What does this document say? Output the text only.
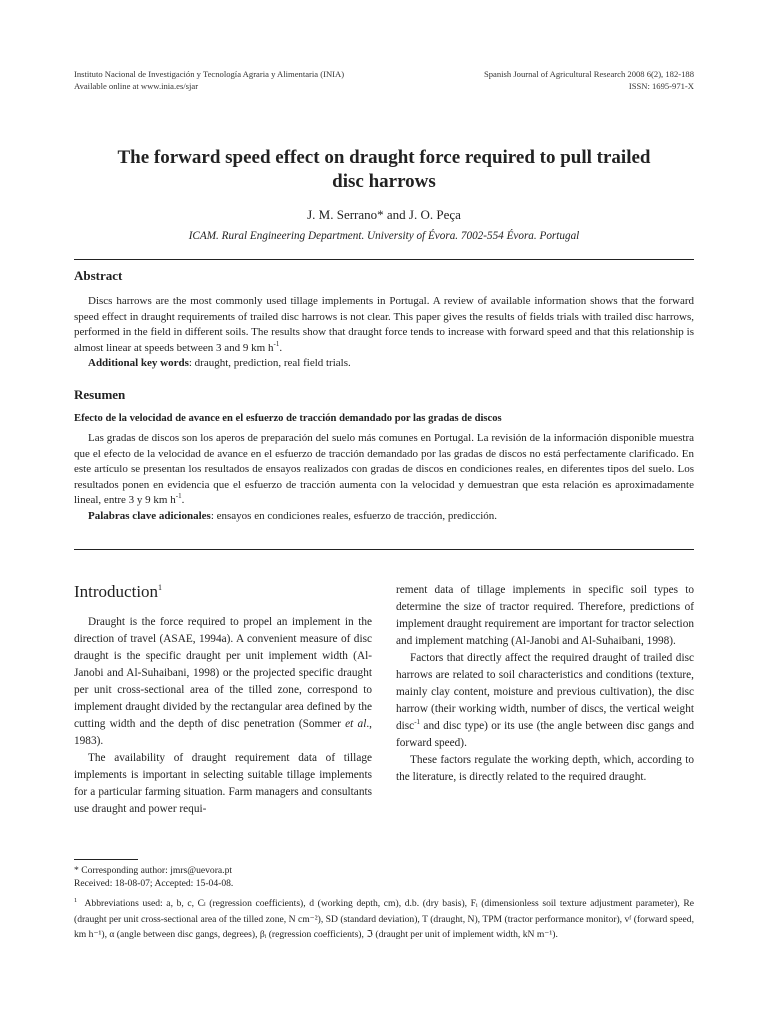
Instituto Nacional de Investigación y Tecnología Agraria y Alimentaria (INIA)
Available online at www.inia.es/sjar
Spanish Journal of Agricultural Research 2008 6(2), 182-188
ISSN: 1695-971-X
The forward speed effect on draught force required to pull trailed
disc harrows
J. M. Serrano* and J. O. Peça
ICAM. Rural Engineering Department. University of Évora. 7002-554 Évora. Portugal
Abstract
Discs harrows are the most commonly used tillage implements in Portugal. A review of available information shows that the forward speed effect in draught requirements of trailed disc harrows is not clear. This paper gives the results of fields trials with trailed disc harrows, performed in the field in different soils. The results show that draught force tends to increase with forward speed and that this relationship is almost linear at speeds between 3 and 9 km $h^{-1}$.
Additional key words: draught, prediction, real field trials.
Resumen
Efecto de la velocidad de avance en el esfuerzo de tracción demandado por las gradas de discos
Las gradas de discos son los aperos de preparación del suelo más comunes en Portugal. La revisión de la información disponible muestra que el efecto de la velocidad de avance en el esfuerzo de tracción demandado por las gradas de discos no está perfectamente clarificado. En este artículo se presentan los resultados de ensayos realizados con gradas de discos en condiciones reales, en diferentes tipos del suelo. Los resultados ponen en evidencia que el esfuerzo de tracción aumenta con la velocidad y demuestran que esta relación es aproximadamente lineal, entre 3 y 9 km $h^{-1}$.
Palabras clave adicionales: ensayos en condiciones reales, esfuerzo de tracción, predicción.
Introduction$^1$

Draught is the force required to propel an implement in the direction of travel (ASAE, 1994a). A convenient measure of disc draught is the specific draught per unit implement width (Al-Janobi and Al-Suhaibani, 1998) or the projected specific draught per unit cross-sectional area of the tilled zone, correspond to implement draught divided by the rectangular area defined by the cutting width and the depth of disc penetration (Sommer et al., 1983).

The availability of draught requirement data of tillage implements is important in selecting suitable tillage implements for a particular farming situation. Farm managers and consultants use draught and power requi-

rement data of tillage implements in specific soil types to determine the size of tractor required. Therefore, predictions of implement draught requirement are important for tractor selection and implement matching (Al-Janobi and Al-Suhaibani, 1998).

Factors that directly affect the required draught of trailed disc harrows are related to soil characteristics and conditions (texture, mainly clay content, moisture and previous cultivation), the disc harrow (their working width, number of discs, the vertical weight disc$^{-1}$ and disc type) or its use (the angle between disc gangs and forward speed).

These factors regulate the working depth, which, according to the literature, is directly related to the required draught.

* Corresponding author: jmrs@uevora.pt
Received: 18-08-07; Accepted: 15-04-08.
$^1$ Abbreviations used: a, b, c, Cₗ (regression coefficients), d (working depth, cm), d.b. (dry basis), Fᵢ (dimensionless soil texture adjustment parameter), Re (draught per unit cross-sectional area of the tilled zone, N cm⁻²), SD (standard deviation), T (draught, N), TPM (tractor performance monitor), vᶠ (forward speed, km h⁻¹), α (angle between disc gangs, degrees), βᵢ (regression coefficients), ℑ (draught per unit of implement width, kN m⁻¹).
